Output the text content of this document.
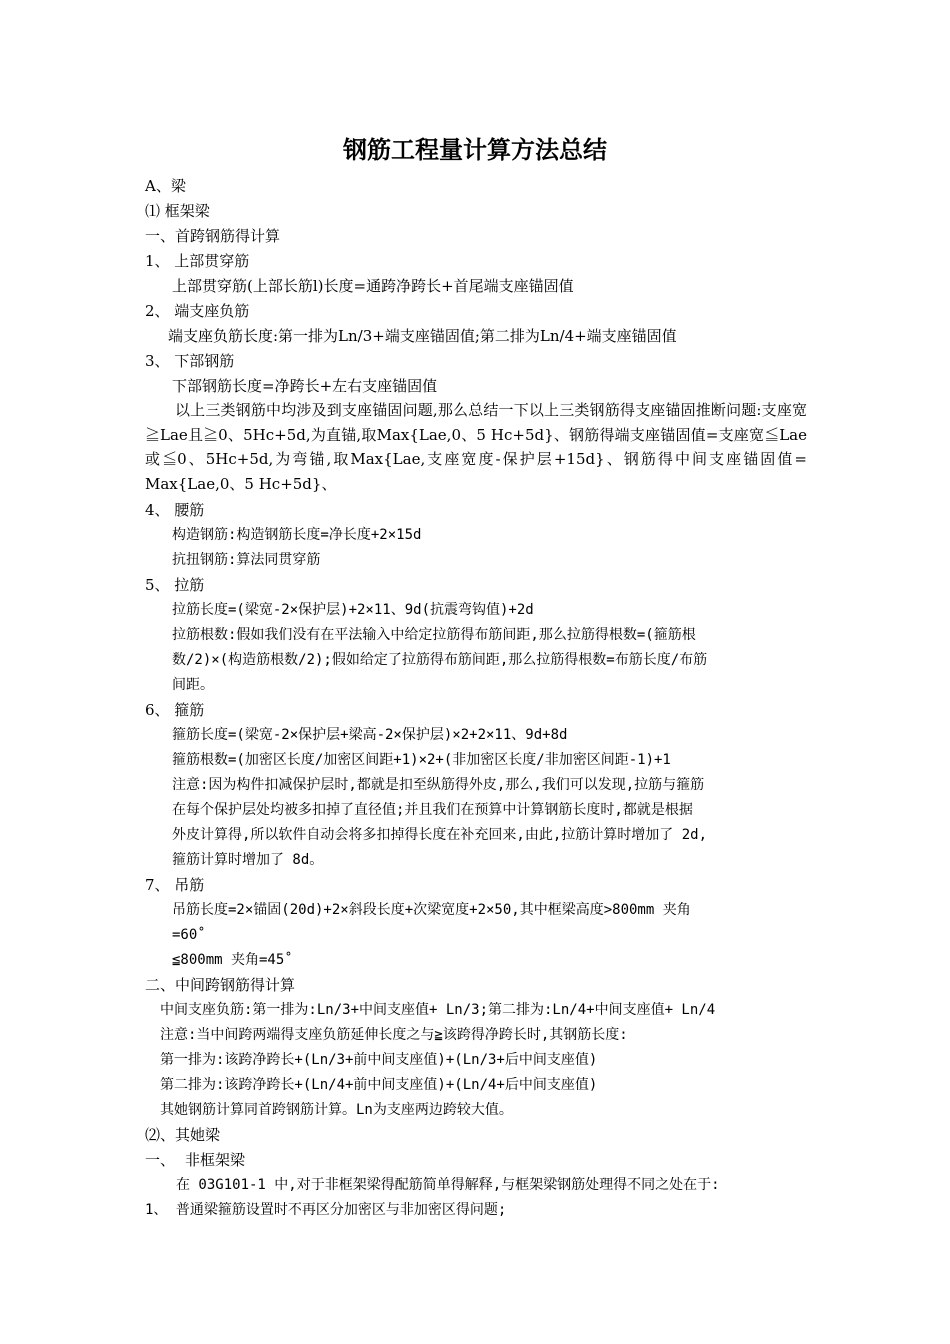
钢筋工程量计算方法总结
A、梁
⑴ 框架梁
一、首跨钢筋得计算
1、 上部贯穿筋
上部贯穿筋(上部长筋l)长度=通跨净跨长+首尾端支座锚固值
2、 端支座负筋
端支座负筋长度:第一排为Ln/3+端支座锚固值;第二排为Ln/4+端支座锚固值
3、 下部钢筋
下部钢筋长度=净跨长+左右支座锚固值
以上三类钢筋中均涉及到支座锚固问题,那么总结一下以上三类钢筋得支座锚固推断问题:支座宽≧Lae且≧0、5Hc+5d,为直锚,取Max{Lae,0、5 Hc+5d}、钢筋得端支座锚固值=支座宽≦Lae或≦0、5Hc+5d,为弯锚,取Max{Lae,支座宽度-保护层+15d}、钢筋得中间支座锚固值= Max{Lae,0、5 Hc+5d}、
4、 腰筋
构造钢筋:构造钢筋长度=净长度+2×15d
抗扭钢筋:算法同贯穿筋
5、 拉筋
拉筋长度=(梁宽-2×保护层)+2×11、9d(抗震弯钩值)+2d
拉筋根数:假如我们没有在平法输入中给定拉筋得布筋间距,那么拉筋得根数=(箍筋根
数/2)×(构造筋根数/2);假如给定了拉筋得布筋间距,那么拉筋得根数=布筋长度/布筋
间距。
6、 箍筋
箍筋长度=(梁宽-2×保护层+梁高-2×保护层)×2+2×11、9d+8d
箍筋根数=(加密区长度/加密区间距+1)×2+(非加密区长度/非加密区间距-1)+1
注意:因为构件扣减保护层时,都就是扣至纵筋得外皮,那么,我们可以发现,拉筋与箍筋
在每个保护层处均被多扣掉了直径值;并且我们在预算中计算钢筋长度时,都就是根据
外皮计算得,所以软件自动会将多扣掉得长度在补充回来,由此,拉筋计算时增加了 2d,
箍筋计算时增加了 8d。
7、 吊筋
吊筋长度=2×锚固(20d)+2×斜段长度+次梁宽度+2×50,其中框梁高度>800mm 夹角
=60˚
≦800mm 夹角=45˚
二、中间跨钢筋得计算
中间支座负筋:第一排为:Ln/3+中间支座值+ Ln/3;第二排为:Ln/4+中间支座值+ Ln/4
注意:当中间跨两端得支座负筋延伸长度之与≧该跨得净跨长时,其钢筋长度:
第一排为:该跨净跨长+(Ln/3+前中间支座值)+(Ln/3+后中间支座值)
第二排为:该跨净跨长+(Ln/4+前中间支座值)+(Ln/4+后中间支座值)
其她钢筋计算同首跨钢筋计算。Ln为支座两边跨较大值。
⑵、其她梁
一、 非框架梁
在 03G101-1 中,对于非框架梁得配筋简单得解释,与框架梁钢筋处理得不同之处在于:
1、 普通梁箍筋设置时不再区分加密区与非加密区得问题;
